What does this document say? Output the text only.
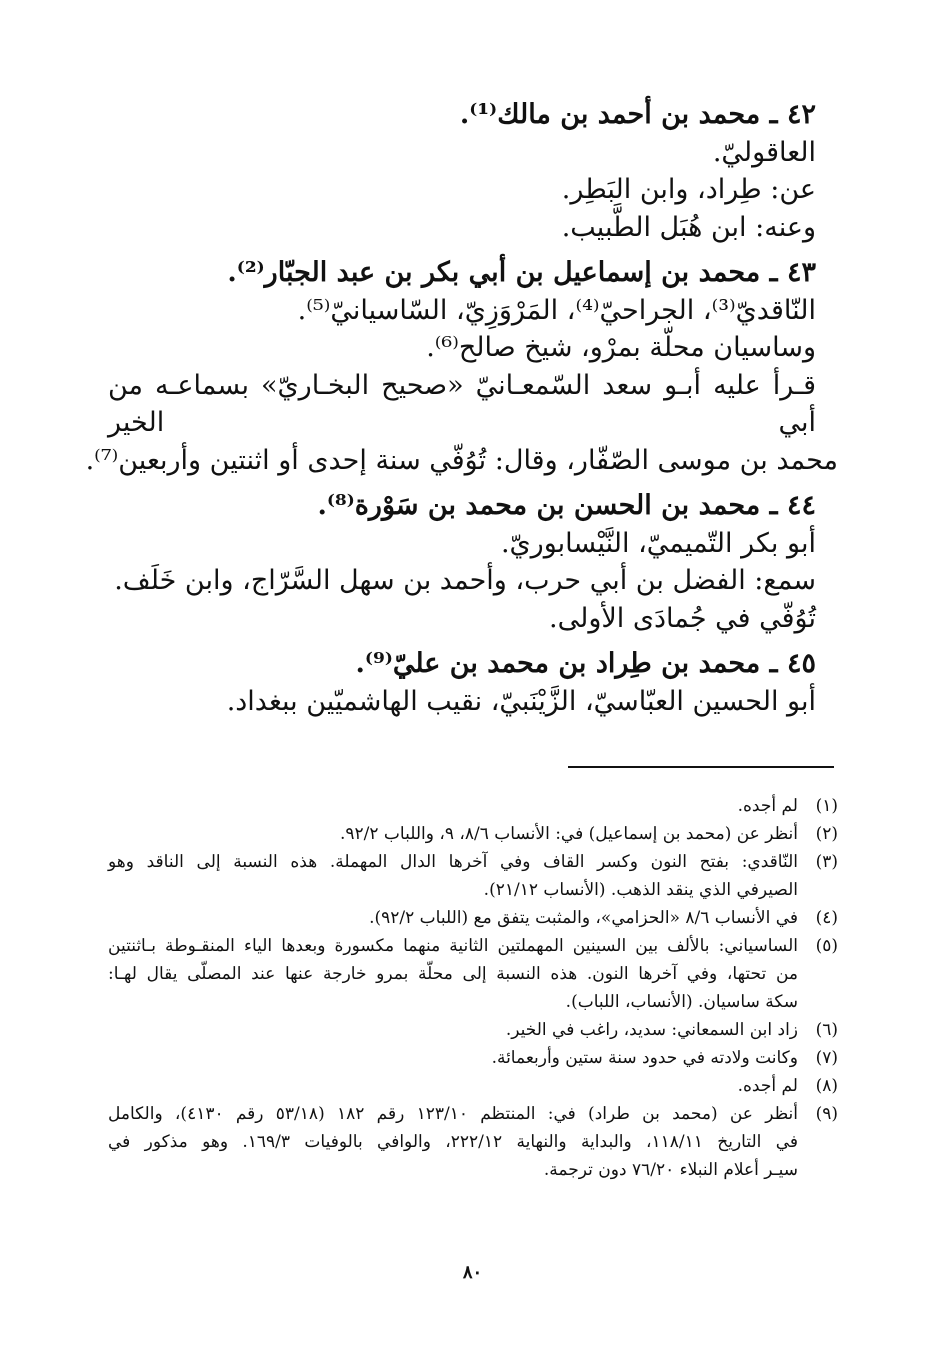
٤٢ ـ محمد بن أحمد بن مالك⁽¹⁾.
العاقوليّ.
عن: طِراد، وابن البَطِر.
وعنه: ابن هُبَل الطَّبيب.
٤٣ ـ محمد بن إسماعيل بن أبي بكر بن عبد الجبّار⁽²⁾.
النّاقديّ⁽³⁾، الجراحيّ⁽⁴⁾، المَرْوَزِيّ، السّاسيانيّ⁽⁵⁾.
وساسيان محلّة بمرْو، شيخ صالح⁽⁶⁾.
قـرأ عليه أبـو سعد السّمعـانيّ «صحيح البخـاريّ» بسماعـه من أبي الخير
محمد بن موسى الصّفّار، وقال: تُوُفّي سنة إحدى أو اثنتين وأربعين⁽⁷⁾.
٤٤ ـ محمد بن الحسن بن محمد بن سَوْرة⁽⁸⁾.
أبو بكر التّميميّ، النَّيْسابوريّ.
سمع: الفضل بن أبي حرب، وأحمد بن سهل السَّرّاج، وابن خَلَف.
تُوُفّي في جُمادَى الأولى.
٤٥ ـ محمد بن طِراد بن محمد بن عليّ⁽⁹⁾.
أبو الحسين العبّاسيّ، الزَّيْنَبيّ، نقيب الهاشميّين ببغداد.
(١)
لم أجده.
(٢)
أنظر عن (محمد بن إسماعيل) في: الأنساب ٨/٦، ٩، واللباب ٩٢/٢.
(٣)
النّاقدي: بفتح النون وكسر القاف وفي آخرها الدال المهملة. هذه النسبة إلى الناقد وهو
الصيرفي الذي ينقد الذهب. (الأنساب ٢١/١٢).
(٤)
في الأنساب ٨/٦ «الحزامي»، والمثبت يتفق مع (اللباب ٩٢/٢).
(٥)
الساسياني: بالألف بين السينين المهملتين الثانية منهما مكسورة وبعدها الياء المنقـوطة بـاثنتين
من تحتها، وفي آخرها النون. هذه النسبة إلى محلّة بمرو خارجة عنها عند المصلّى يقال لهـا:
سكة ساسيان. (الأنساب، اللباب).
(٦)
زاد ابن السمعاني: سديد، راغب في الخير.
(٧)
وكانت ولادته في حدود سنة ستين وأربعمائة.
(٨)
لم أجده.
(٩)
أنظر عن (محمد بن طراد) في: المنتظم ١٢٣/١٠ رقم ١٨٢ (٥٣/١٨ رقم ٤١٣٠)، والكامل
في التاريخ ١١٨/١١، والبداية والنهاية ٢٢٢/١٢، والوافي بالوفيات ١٦٩/٣. وهو مذكور في
سيـر أعلام النبلاء ٧٦/٢٠ دون ترجمة.
٨٠
